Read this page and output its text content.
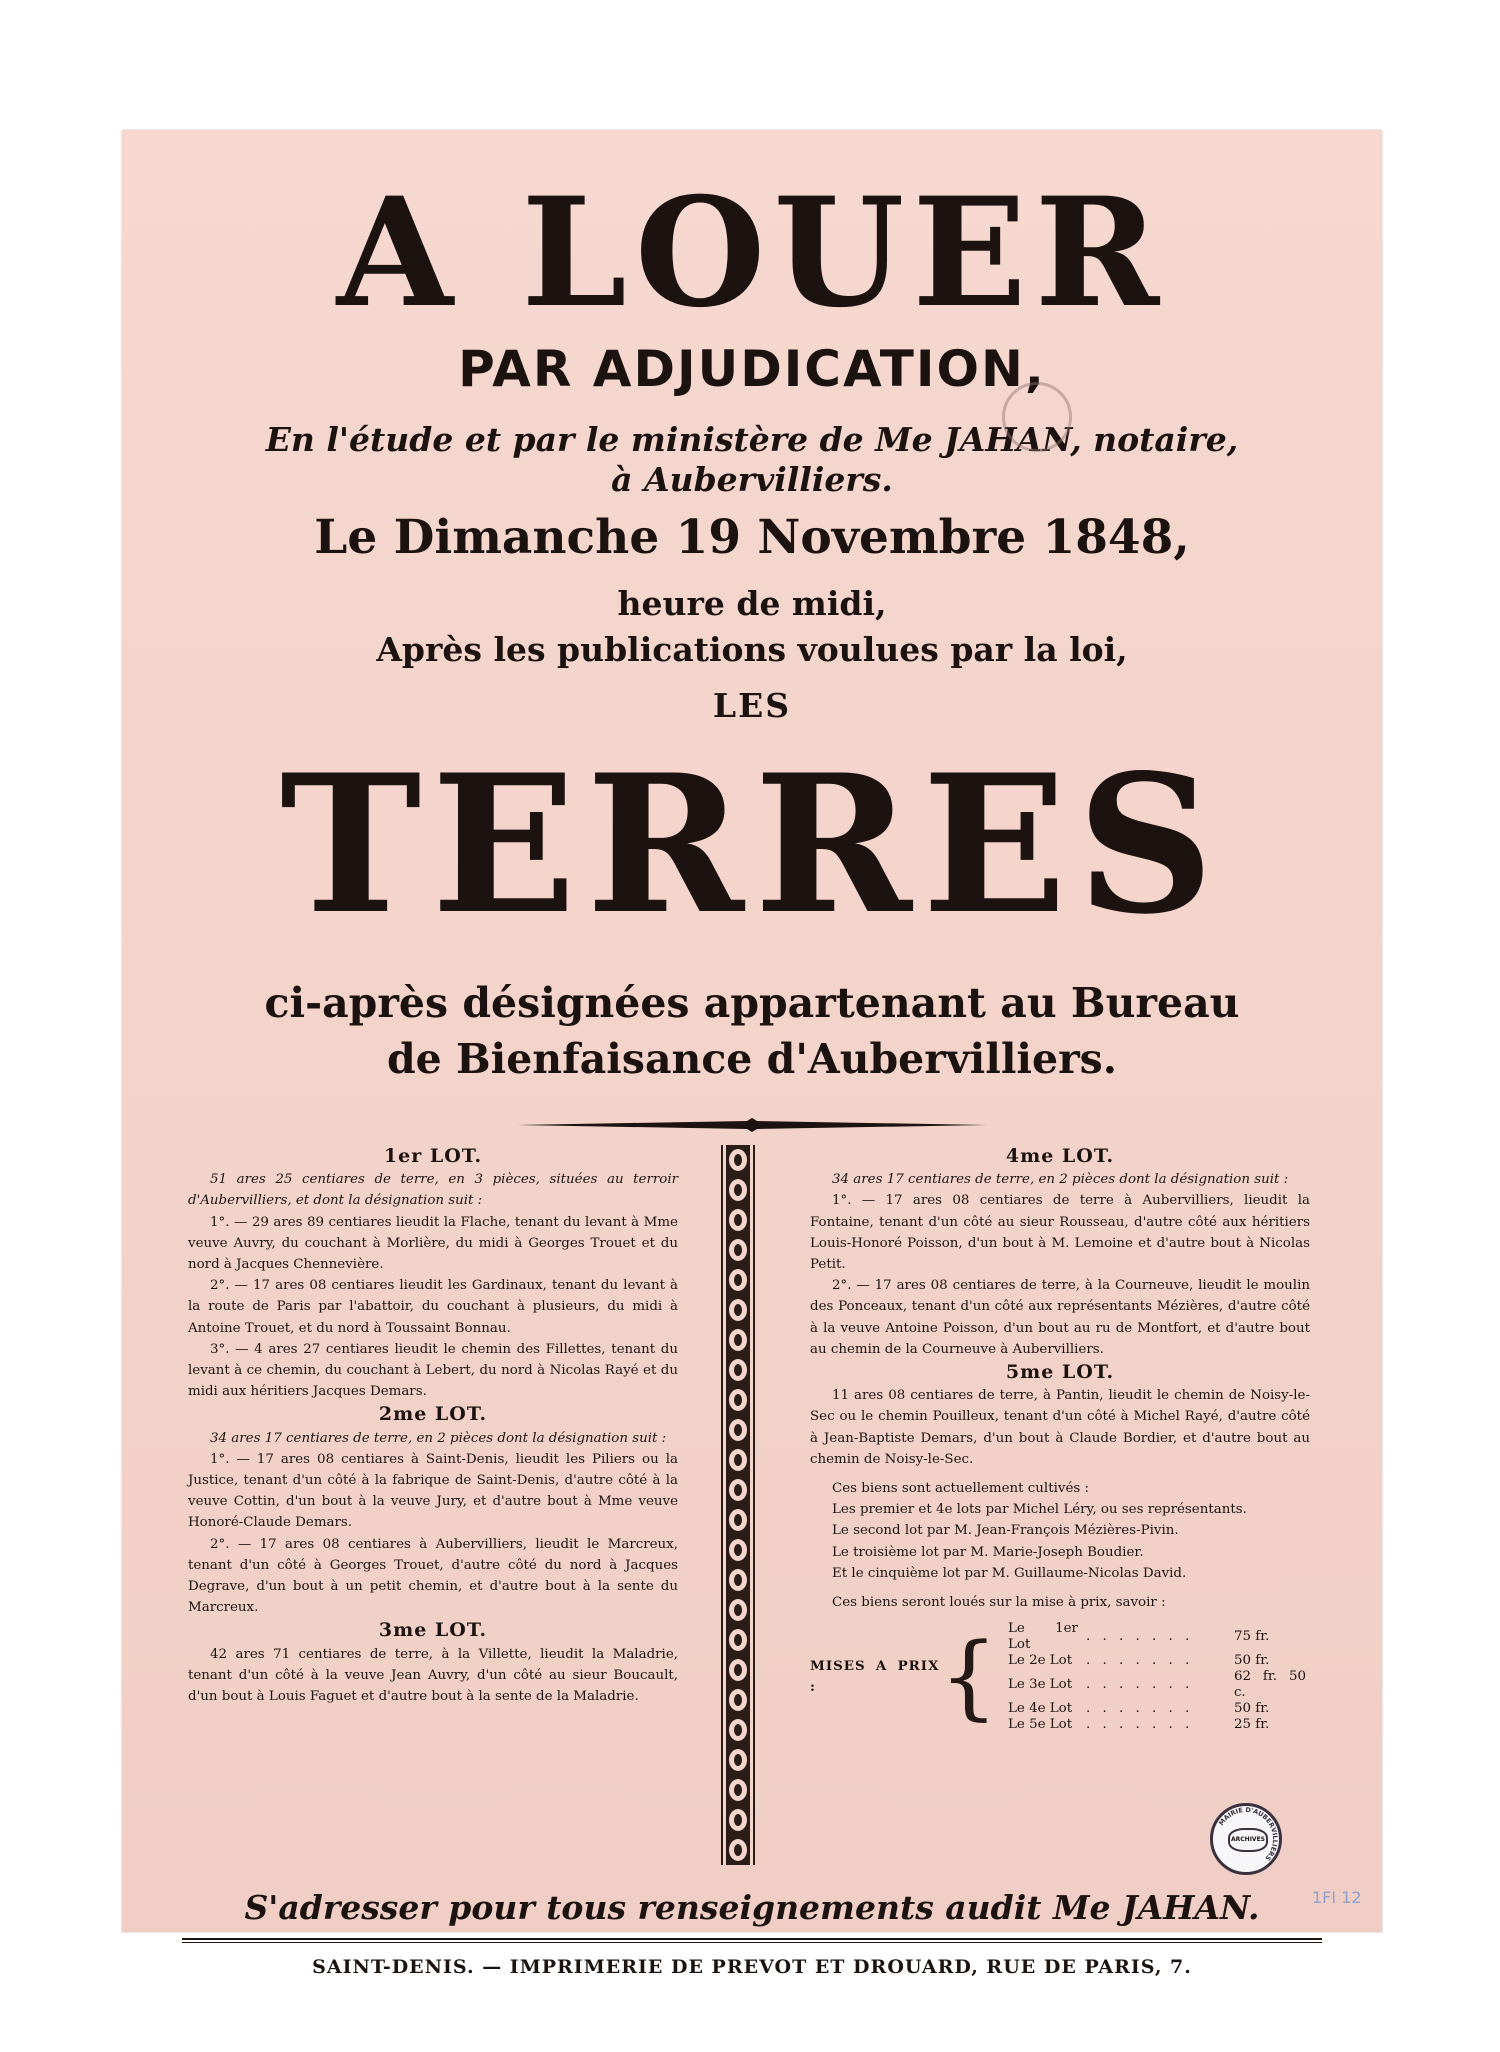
A LOUER
PAR ADJUDICATION,
En l'étude et par le ministère de Me JAHAN, notaire,
à Aubervilliers.
Le Dimanche 19 Novembre 1848,
heure de midi,
Après les publications voulues par la loi,
LES
TERRES
ci-après désignées appartenant au Bureau
de Bienfaisance d'Aubervilliers.
1er LOT.

51 ares 25 centiares de terre, en 3 pièces, situées au terroir d'Aubervilliers, et dont la désignation suit :

1°. — 29 ares 89 centiares lieudit la Flache, tenant du levant à Mme veuve Auvry, du couchant à Morlière, du midi à Georges Trouet et du nord à Jacques Chennevière.

2°. — 17 ares 08 centiares lieudit les Gardinaux, tenant du levant à la route de Paris par l'abattoir, du couchant à plusieurs, du midi à Antoine Trouet, et du nord à Toussaint Bonnau.

3°. — 4 ares 27 centiares lieudit le chemin des Fillettes, tenant du levant à ce chemin, du couchant à Lebert, du nord à Nicolas Rayé et du midi aux héritiers Jacques Demars.

2me LOT.

34 ares 17 centiares de terre, en 2 pièces dont la désignation suit :

1°. — 17 ares 08 centiares à Saint-Denis, lieudit les Piliers ou la Justice, tenant d'un côté à la fabrique de Saint-Denis, d'autre côté à la veuve Cottin, d'un bout à la veuve Jury, et d'autre bout à Mme veuve Honoré-Claude Demars.

2°. — 17 ares 08 centiares à Aubervilliers, lieudit le Marcreux, tenant d'un côté à Georges Trouet, d'autre côté du nord à Jacques Degrave, d'un bout à un petit chemin, et d'autre bout à la sente du Marcreux.

3me LOT.

42 ares 71 centiares de terre, à la Villette, lieudit la Maladrie, tenant d'un côté à la veuve Jean Auvry, d'un côté au sieur Boucault, d'un bout à Louis Faguet et d'autre bout à la sente de la Maladrie.

4me LOT.

34 ares 17 centiares de terre, en 2 pièces dont la désignation suit :

1°. — 17 ares 08 centiares de terre à Aubervilliers, lieudit la Fontaine, tenant d'un côté au sieur Rousseau, d'autre côté aux héritiers Louis-Honoré Poisson, d'un bout à M. Lemoine et d'autre bout à Nicolas Petit.

2°. — 17 ares 08 centiares de terre, à la Courneuve, lieudit le moulin des Ponceaux, tenant d'un côté aux représentants Mézières, d'autre côté à la veuve Antoine Poisson, d'un bout au ru de Montfort, et d'autre bout au chemin de la Courneuve à Aubervilliers.

5me LOT.

11 ares 08 centiares de terre, à Pantin, lieudit le chemin de Noisy-le-Sec ou le chemin Pouilleux, tenant d'un côté à Michel Rayé, d'autre côté à Jean-Baptiste Demars, d'un bout à Claude Bordier, et d'autre bout au chemin de Noisy-le-Sec.

Ces biens sont actuellement cultivés :

Les premier et 4e lots par Michel Léry, ou ses représentants.

Le second lot par M. Jean-François Mézières-Pivin.

Le troisième lot par M. Marie-Joseph Boudier.

Et le cinquième lot par M. Guillaume-Nicolas David.

Ces biens seront loués sur la mise à prix, savoir :

MISES A PRIX :	{ Le 1er Lot	. . . . . . .	75 fr.
Le 2e Lot	. . . . . . .	50 fr.
Le 3e Lot	. . . . . . .	62 fr. 50 c.
Le 4e Lot	. . . . . . .	50 fr.
Le 5e Lot	. . . . . . .	25 fr.
S'adresser pour tous renseignements audit Me JAHAN.
SAINT-DENIS. — IMPRIMERIE DE PREVOT ET DROUARD, RUE DE PARIS, 7.
MAIRIE D'AUBERVILLIERS
ARCHIVES
1FI 12
